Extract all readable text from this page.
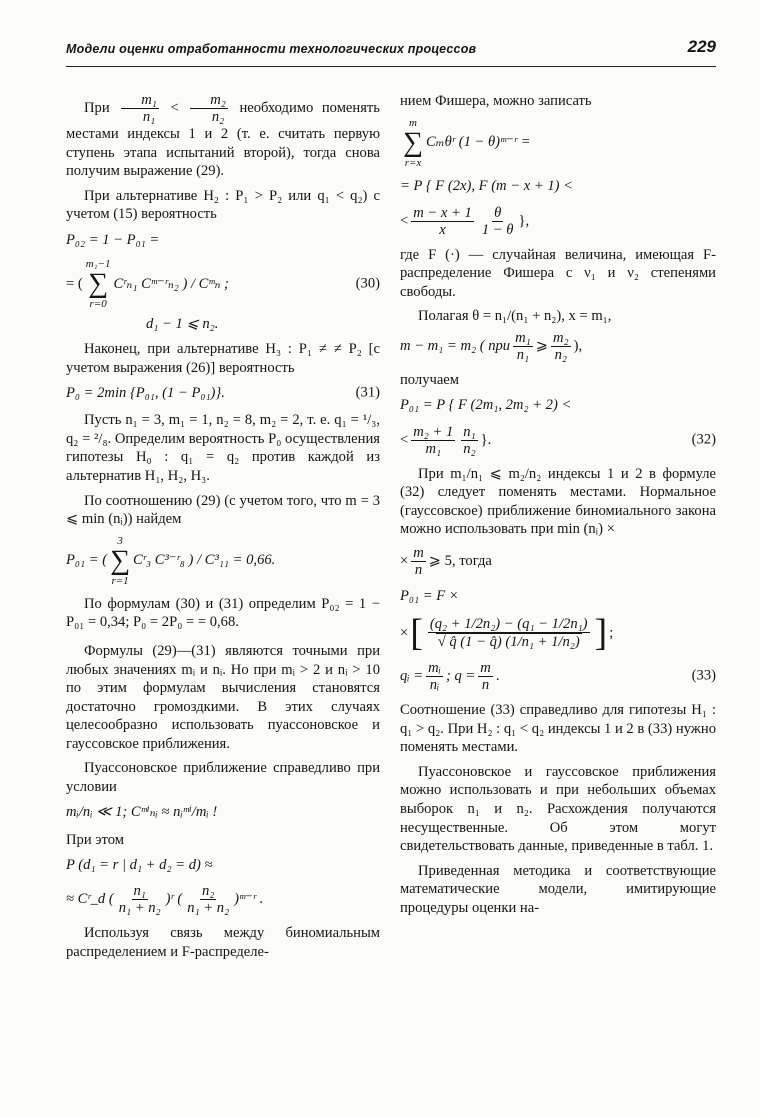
Модели оценки отработанности технологических процессов	229

При $\frac{\text{m₁}}{\text{n₁}} < \frac{\text{m₂}}{\text{n₂}}$ необходимо поменять местами индексы 1 и 2 (т. е. считать первую ступень этапа испытаний второй), тогда снова получим выражение (29).

При альтернативе H₂ : P₁ > P₂ или q₁ < q₂) с учетом (15) вероятность

P₀₂ = 1 − P₀₁ =
= (
m₁−1
∑
r=0
Cʳₙ₁ Cᵐ⁻ʳₙ₂ ) / Cᵐₙ ;	(30)
d₁ − 1 ⩽ n₂.

Наконец, при альтернативе H₃ : P₁ ≠ ≠ P₂ [с учетом выражения (26)] вероятность

P₀ = 2min {P₀₁, (1 − P₀₁)}.	(31)

Пусть n₁ = 3, m₁ = 1, n₂ = 8, m₂ = 2, т. е. q₁ = ¹/₃, q₂ = ²/₈. Определим вероятность P₀ осуществления гипотезы H₀ : q₁ = q₂ против каждой из альтернатив H₁, H₂, H₃.

По соотношению (29) (с учетом того, что m = 3 ⩽ min (nᵢ)) найдем

P₀₁ = (
3
∑
r=1
Cʳ₃ C³⁻ʳ₈ ) / C³₁₁ = 0,66.

По формулам (30) и (31) определим P₀₂ = 1 − P₀₁ = 0,34; P₀ = 2P₀ = = 0,68.

Формулы (29)—(31) являются точными при любых значениях mᵢ и nᵢ. Но при mᵢ > 2 и nᵢ > 10 по этим формулам вычисления становятся достаточно громоздкими. В этих случаях целесообразно использовать пуассоновское и гауссовское приближения.

Пуассоновское приближение справедливо при условии

mᵢ/nᵢ ≪ 1; Cᵐⁱₙᵢ ≈ nᵢᵐⁱ/mᵢ !

При этом

P (d₁ = r | d₁ + d₂ = d) ≈
≈ Cʳ_d ( $\frac{\text{n₁}}{\text{n₁ + n₂}}$ )ʳ ( $\frac{\text{n₂}}{\text{n₁ + n₂}}$ )ᵐ⁻ʳ .

Используя связь между биномиальным распределением и F-распределе-

нием Фишера, можно записать

m
∑
r=x
Cₘθʳ (1 − θ)ᵐ⁻ʳ =
= P { F (2x), F (m − x + 1) <
< $\frac{m - x + 1}{x} \frac{\theta}{1 - \theta}$ },

где F (·) — случайная величина, имеющая F-распределение Фишера с ν₁ и ν₂ степенями свободы.

Полагая θ = n₁/(n₁ + n₂), x = m₁,

m − m₁ = m₂ ( при $\frac{\text{m₁}}{\text{n₁}}$ ⩾ $\frac{\text{m₂}}{\text{n₂}}$ ),

получаем

P₀₁ = P { F (2m₁, 2m₂ + 2) <
< $\frac{\text{m₂ + 1}}{\text{m₁}} \frac{\text{n₁}}{\text{n₂}}$ }.	(32)

При m₁/n₁ ⩽ m₂/n₂ индексы 1 и 2 в формуле (32) следует поменять местами. Нормальное (гауссовское) приближение биномиального закона можно использовать при min (nᵢ) ×

× $\frac{m}{n}$ ⩾ 5, тогда
P₀₁ = F ×
× [ $\frac{\text{(q₂ + 1/2n₂) − (q₁ − 1/2n₁)}}{\text{√ q̂ (1 − q̂) (1/n₁ + 1/n₂)}}$ ] ;
qᵢ = $\frac{\text{mᵢ}}{\text{nᵢ}}$ ; $q = \frac{m}{n}$ .	(33)

Соотношение (33) справедливо для гипотезы H₁ : q₁ > q₂. При H₂ : q₁ < q₂ индексы 1 и 2 в (33) нужно поменять местами.

Пуассоновское и гауссовское приближения можно использовать и при небольших объемах выборок n₁ и n₂. Расхождения получаются несущественные. Об этом могут свидетельствовать данные, приведенные в табл. 1.

Приведенная методика и соответствующие математические модели, имитирующие процедуры оценки на-
